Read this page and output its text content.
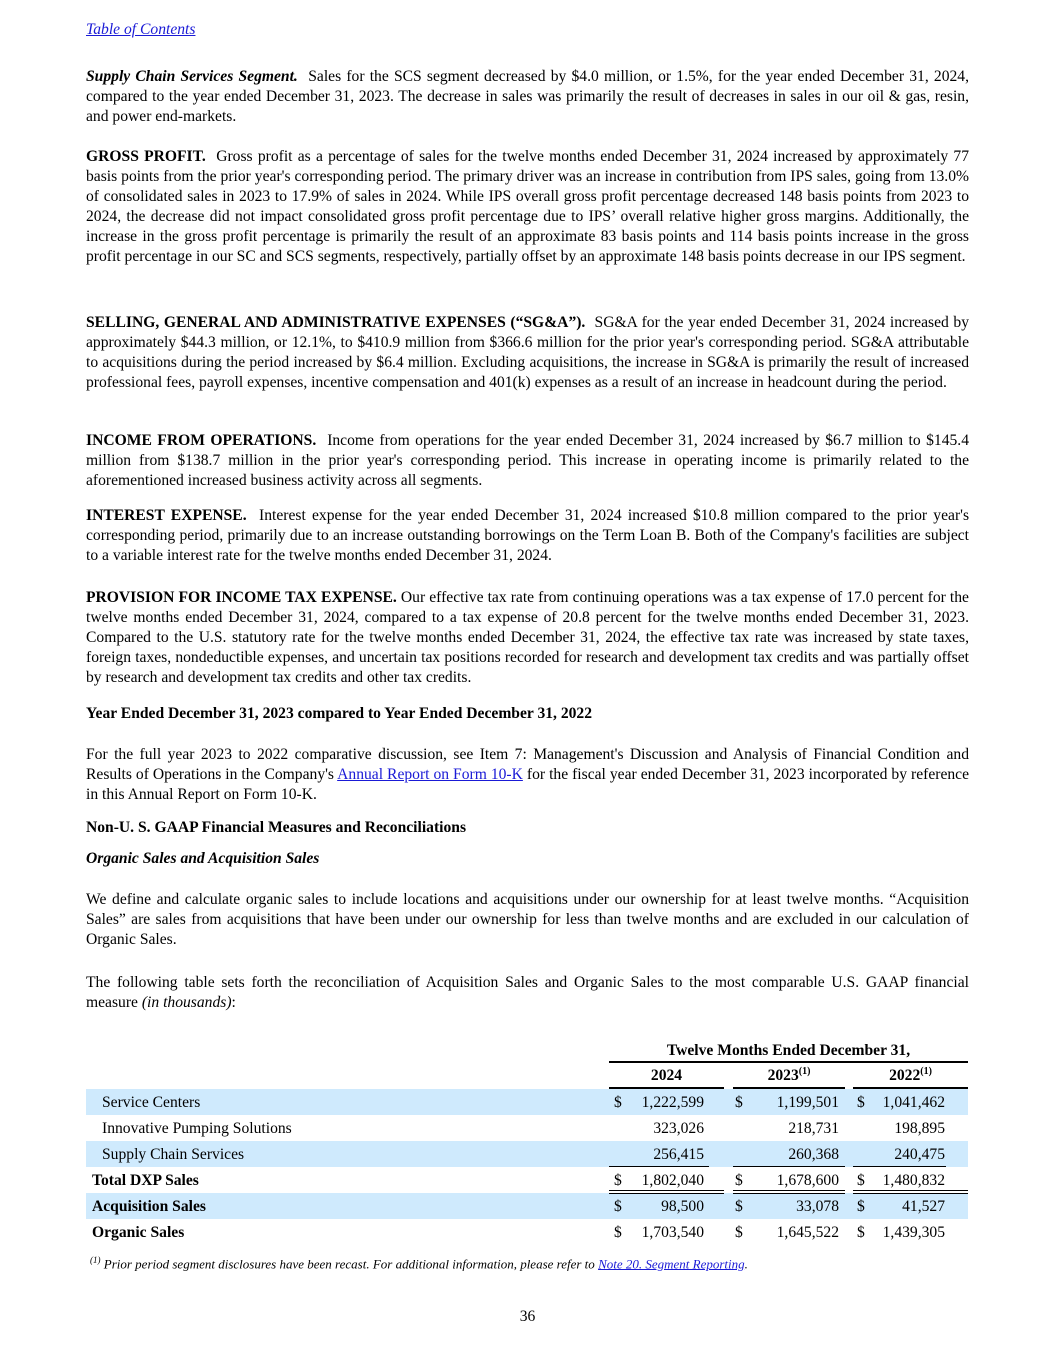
Table of Contents

Supply Chain Services Segment. Sales for the SCS segment decreased by $4.0 million, or 1.5%, for the year ended December 31, 2024, compared to the year ended December 31, 2023. The decrease in sales was primarily the result of decreases in sales in our oil & gas, resin, and power end-markets.

GROSS PROFIT. Gross profit as a percentage of sales for the twelve months ended December 31, 2024 increased by approximately 77 basis points from the prior year's corresponding period. The primary driver was an increase in contribution from IPS sales, going from 13.0% of consolidated sales in 2023 to 17.9% of sales in 2024. While IPS overall gross profit percentage decreased 148 basis points from 2023 to 2024, the decrease did not impact consolidated gross profit percentage due to IPS’ overall relative higher gross margins. Additionally, the increase in the gross profit percentage is primarily the result of an approximate 83 basis points and 114 basis points increase in the gross profit percentage in our SC and SCS segments, respectively, partially offset by an approximate 148 basis points decrease in our IPS segment.

SELLING, GENERAL AND ADMINISTRATIVE EXPENSES (“SG&A”). SG&A for the year ended December 31, 2024 increased by approximately $44.3 million, or 12.1%, to $410.9 million from $366.6 million for the prior year's corresponding period. SG&A attributable to acquisitions during the period increased by $6.4 million. Excluding acquisitions, the increase in SG&A is primarily the result of increased professional fees, payroll expenses, incentive compensation and 401(k) expenses as a result of an increase in headcount during the period.

INCOME FROM OPERATIONS. Income from operations for the year ended December 31, 2024 increased by $6.7 million to $145.4 million from $138.7 million in the prior year's corresponding period. This increase in operating income is primarily related to the aforementioned increased business activity across all segments.

INTEREST EXPENSE. Interest expense for the year ended December 31, 2024 increased $10.8 million compared to the prior year's corresponding period, primarily due to an increase outstanding borrowings on the Term Loan B. Both of the Company's facilities are subject to a variable interest rate for the twelve months ended December 31, 2024.

PROVISION FOR INCOME TAX EXPENSE. Our effective tax rate from continuing operations was a tax expense of 17.0 percent for the twelve months ended December 31, 2024, compared to a tax expense of 20.8 percent for the twelve months ended December 31, 2023. Compared to the U.S. statutory rate for the twelve months ended December 31, 2024, the effective tax rate was increased by state taxes, foreign taxes, nondeductible expenses, and uncertain tax positions recorded for research and development tax credits and was partially offset by research and development tax credits and other tax credits.

Year Ended December 31, 2023 compared to Year Ended December 31, 2022

For the full year 2023 to 2022 comparative discussion, see Item 7: Management's Discussion and Analysis of Financial Condition and Results of Operations in the Company's Annual Report on Form 10-K for the fiscal year ended December 31, 2023 incorporated by reference in this Annual Report on Form 10-K.

Non-U. S. GAAP Financial Measures and Reconciliations
Organic Sales and Acquisition Sales

We define and calculate organic sales to include locations and acquisitions under our ownership for at least twelve months. “Acquisition Sales” are sales from acquisitions that have been under our ownership for less than twelve months and are excluded in our calculation of Organic Sales.

The following table sets forth the reconciliation of Acquisition Sales and Organic Sales to the most comparable U.S. GAAP financial measure (in thousands):

Twelve Months Ended December 31,
2024	2023$^{(1)}$	2022$^{(1)}$
Service Centers	$	1,222,599 $	1,199,501 $	1,041,462
Innovative Pumping Solutions	323,026	218,731	198,895
Supply Chain Services	256,415	260,368	240,475
Total DXP Sales	$	1,802,040 $	1,678,600 $	1,480,832
Acquisition Sales	$	98,500 $	33,078 $	41,527
Organic Sales	$	1,703,540 $	1,645,522 $	1,439,305
$^{(1)}$ Prior period segment disclosures have been recast. For additional information, please refer to Note 20. Segment Reporting.
36
